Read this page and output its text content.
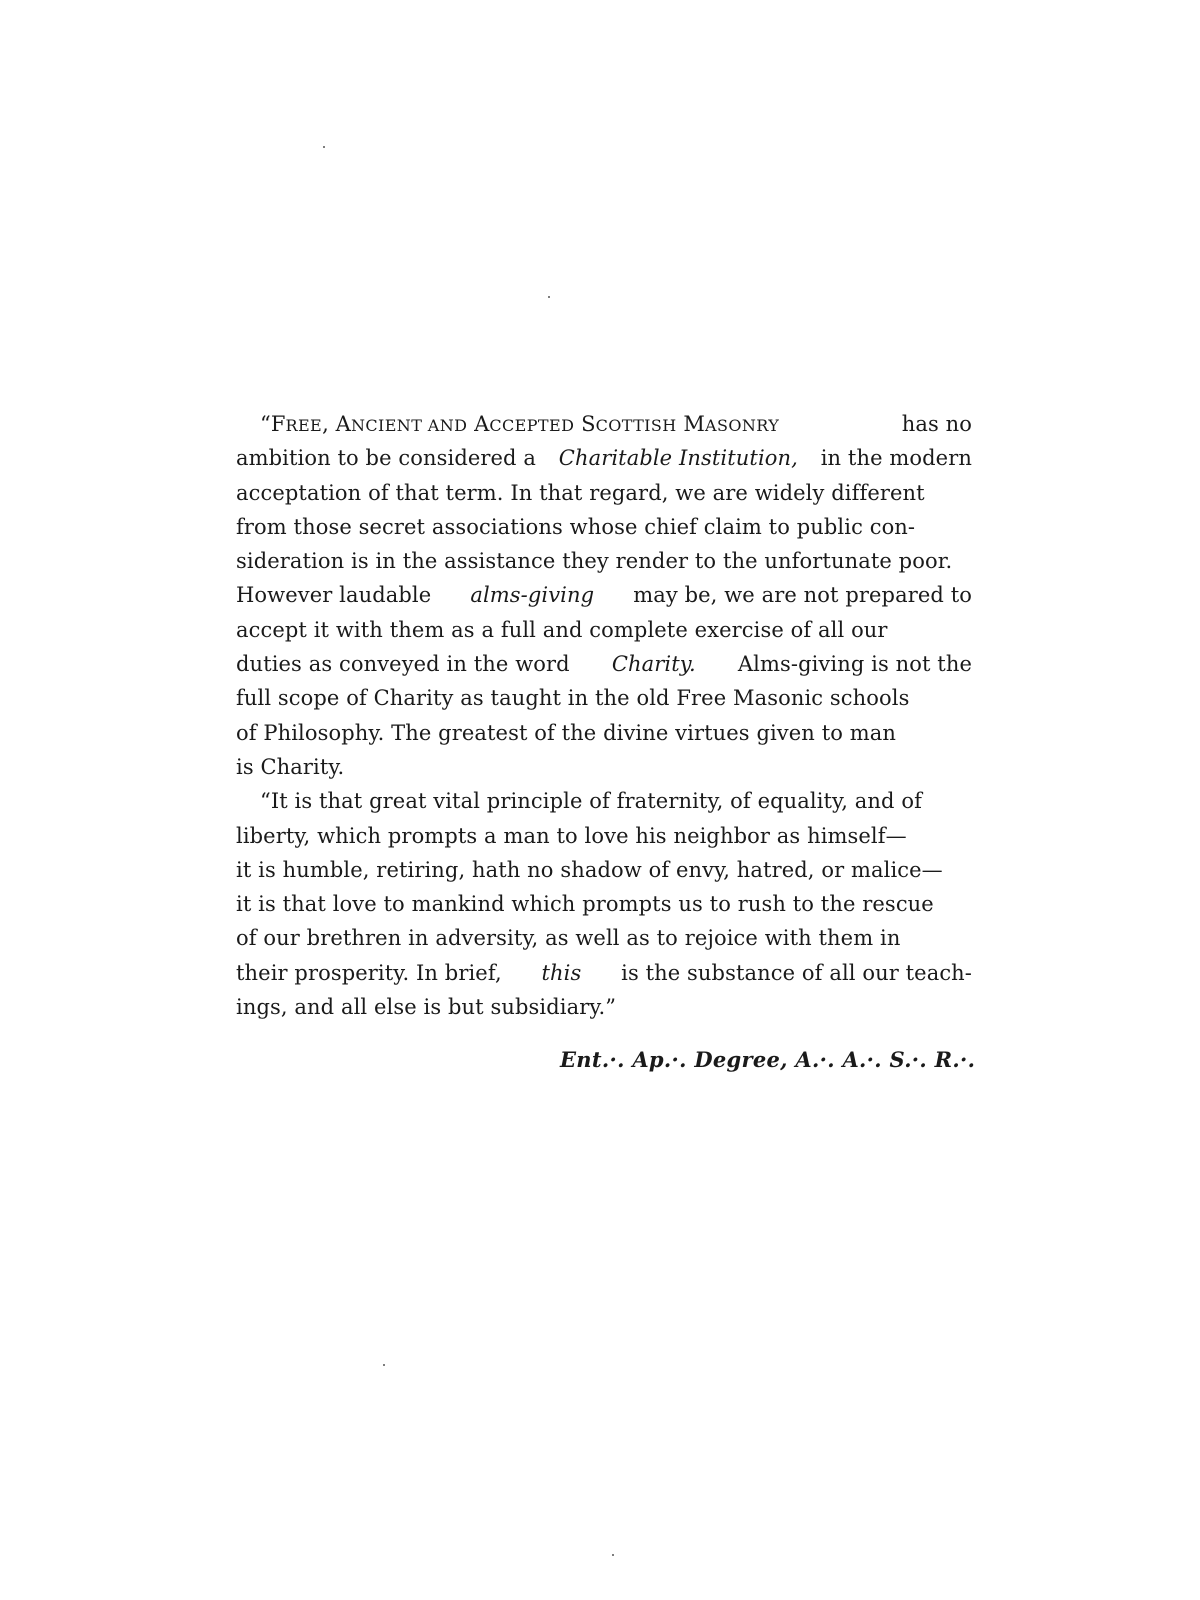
“FREE, ANCIENT AND ACCEPTED SCOTTISH MASONRY	has no
ambition to be considered a Charitable Institution, in the modern
acceptation of that term. In that regard, we are widely different
from those secret associations whose chief claim to public con-
sideration is in the assistance they render to the unfortunate poor.
However laudable alms-giving may be, we are not prepared to
accept it with them as a full and complete exercise of all our
duties as conveyed in the word Charity. Alms-giving is not the
full scope of Charity as taught in the old Free Masonic schools
of Philosophy. The greatest of the divine virtues given to man
is Charity.
“It is that great vital principle of fraternity, of equality, and of
liberty, which prompts a man to love his neighbor as himself—
it is humble, retiring, hath no shadow of envy, hatred, or malice—
it is that love to mankind which prompts us to rush to the rescue
of our brethren in adversity, as well as to rejoice with them in
their prosperity. In brief, this is the substance of all our teach-
ings, and all else is but subsidiary.”
Ent.·. Ap.·. Degree, A.·. A.·. S.·. R.·.
